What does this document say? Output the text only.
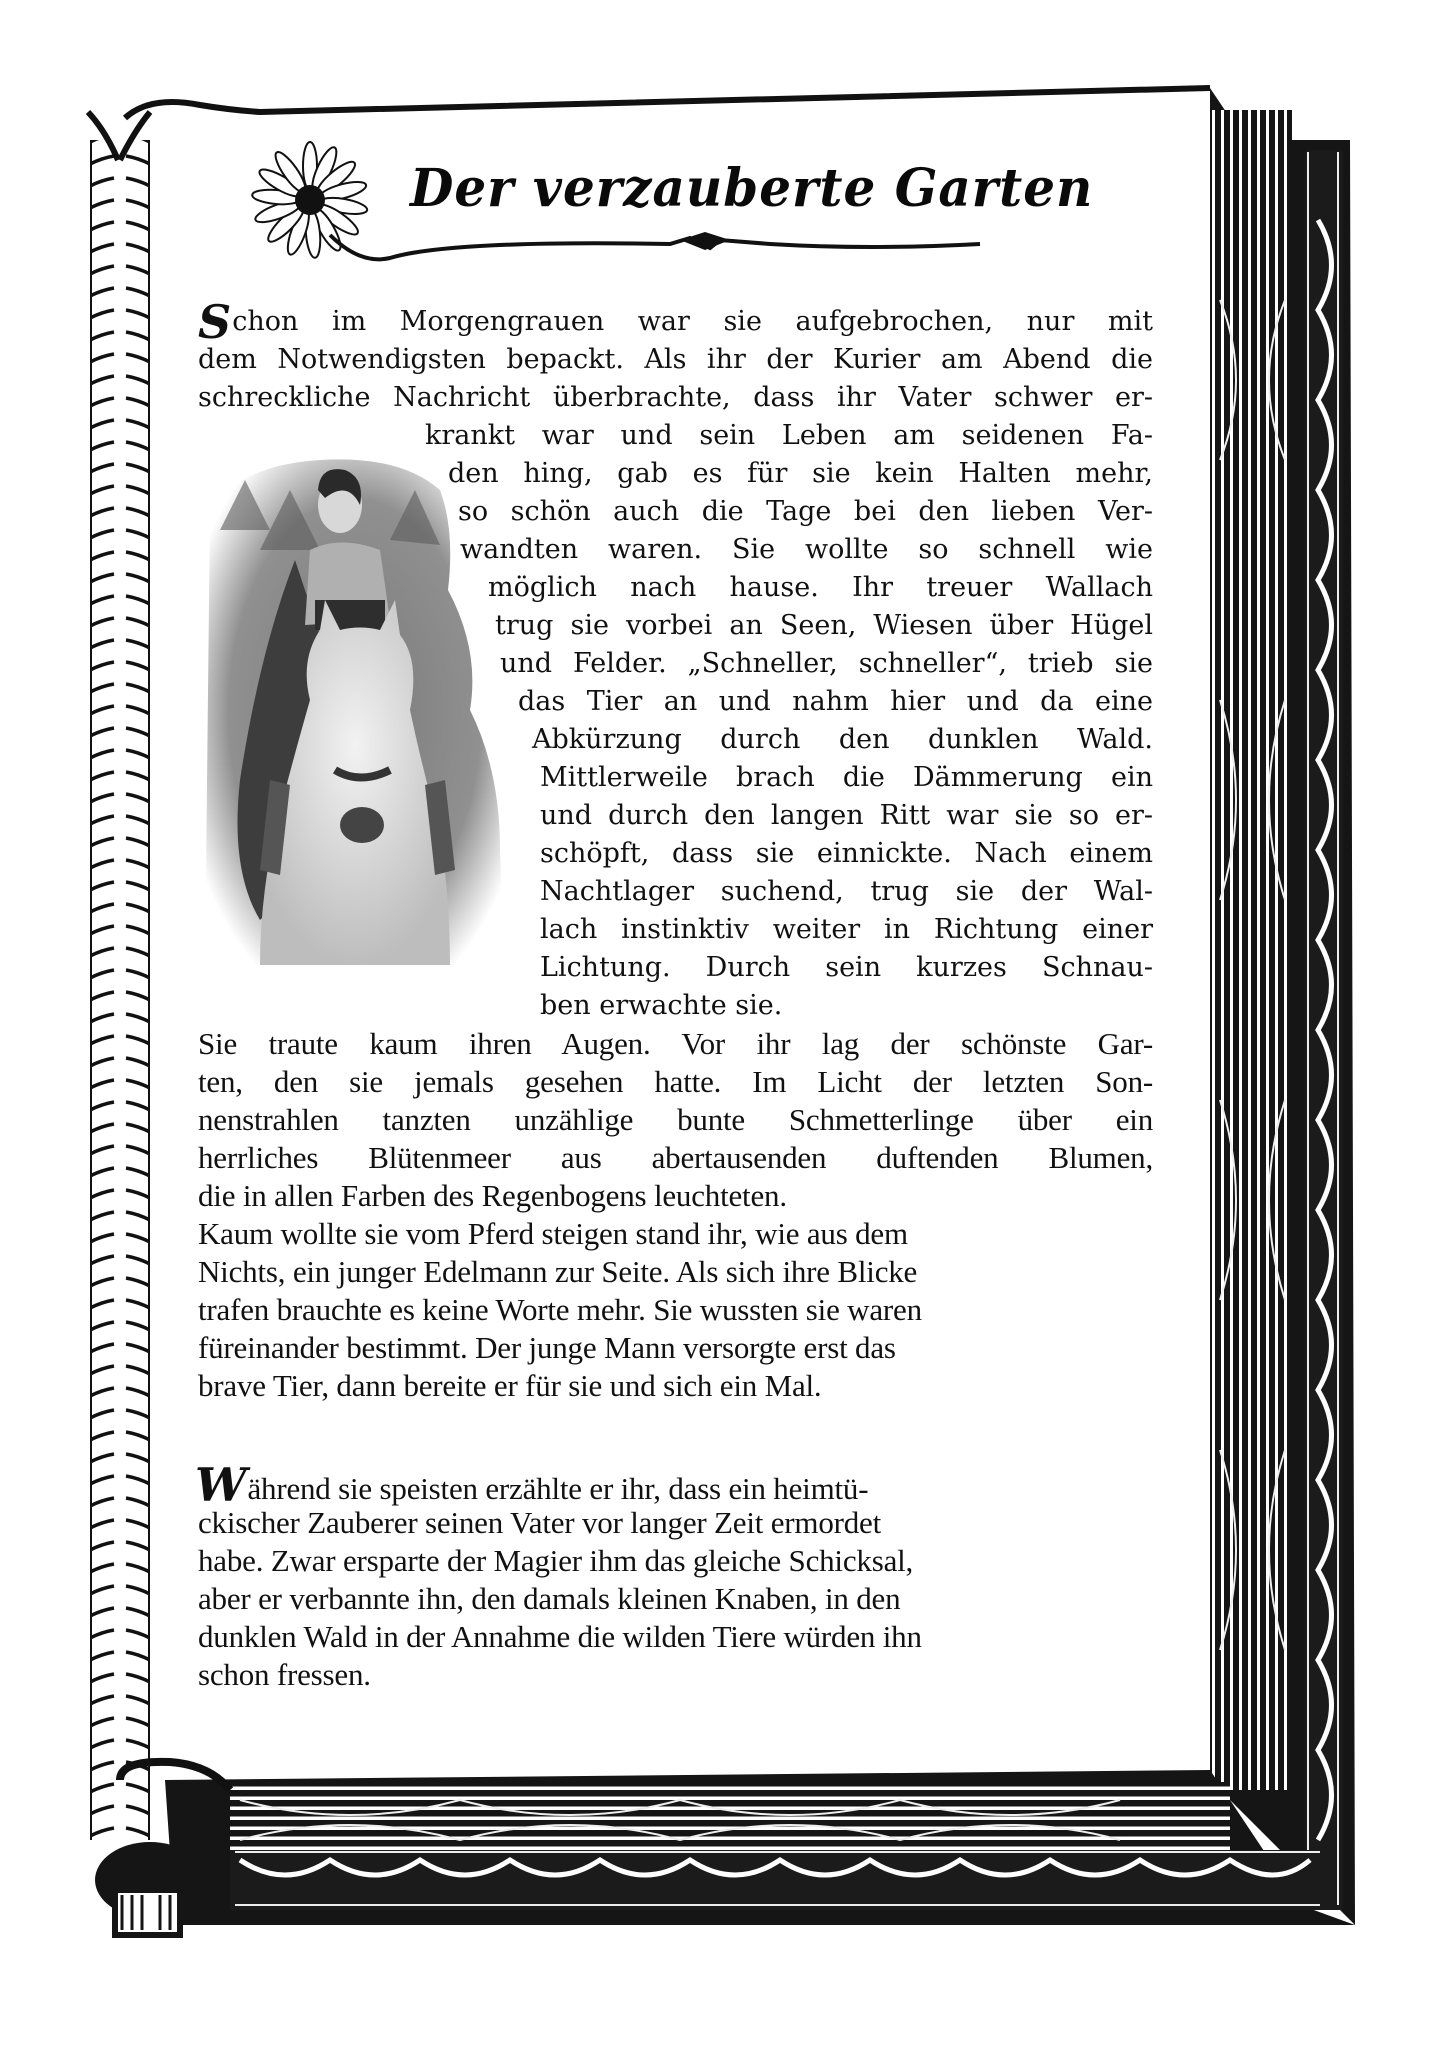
Der verzauberte Garten
S chon im Morgengrauen war sie aufgebrochen, nur mit
dem Notwendigsten bepackt. Als ihr der Kurier am Abend die
schreckliche Nachricht überbrachte, dass ihr Vater schwer er-
krankt war und sein Leben am seidenen Fa-
den hing, gab es für sie kein Halten mehr,
so schön auch die Tage bei den lieben Ver-
wandten waren. Sie wollte so schnell wie
möglich nach hause. Ihr treuer Wallach
trug sie vorbei an Seen, Wiesen über Hügel
und Felder. „Schneller, schneller“, trieb sie
das Tier an und nahm hier und da eine
Abkürzung durch den dunklen Wald.
Mittlerweile brach die Dämmerung ein
und durch den langen Ritt war sie so er-
schöpft, dass sie einnickte. Nach einem
Nachtlager suchend, trug sie der Wal-
lach instinktiv weiter in Richtung einer
Lichtung. Durch sein kurzes Schnau-
ben erwachte sie.
Sie traute kaum ihren Augen. Vor ihr lag der schönste Gar-
ten, den sie jemals gesehen hatte. Im Licht der letzten Son-
nenstrahlen tanzten unzählige bunte Schmetterlinge über ein
herrliches Blütenmeer aus abertausenden duftenden Blumen,
die in allen Farben des Regenbogens leuchteten.
Kaum wollte sie vom Pferd steigen stand ihr, wie aus dem
Nichts, ein junger Edelmann zur Seite. Als sich ihre Blicke
trafen brauchte es keine Worte mehr. Sie wussten sie waren
füreinander bestimmt. Der junge Mann versorgte erst das
brave Tier, dann bereite er für sie und sich ein Mal.
Während sie speisten erzählte er ihr, dass ein heimtü-
ckischer Zauberer seinen Vater vor langer Zeit ermordet
habe. Zwar ersparte der Magier ihm das gleiche Schicksal,
aber er verbannte ihn, den damals kleinen Knaben, in den
dunklen Wald in der Annahme die wilden Tiere würden ihn
schon fressen.
